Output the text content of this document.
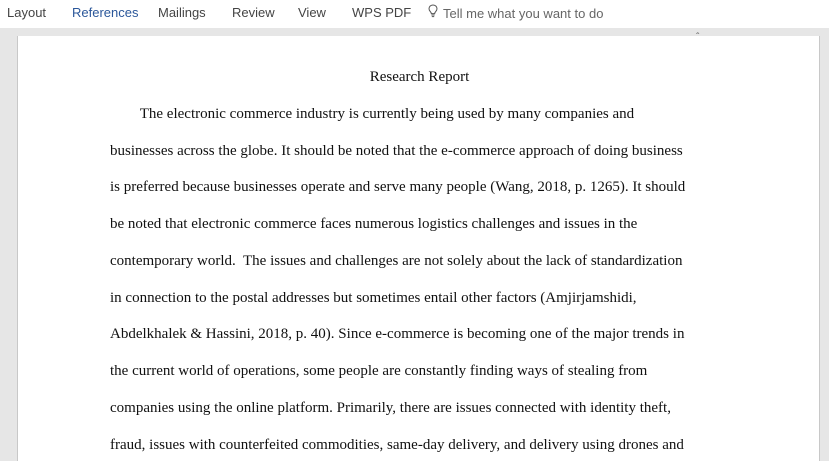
Layout References Mailings Review View WPS PDF Tell me what you want to do
ˆ
Research Report

The electronic commerce industry is currently being used by many companies and

businesses across the globe. It should be noted that the e-commerce approach of doing business

is preferred because businesses operate and serve many people (Wang, 2018, p. 1265). It should

be noted that electronic commerce faces numerous logistics challenges and issues in the

contemporary world.  The issues and challenges are not solely about the lack of standardization

in connection to the postal addresses but sometimes entail other factors (Amjirjamshidi,

Abdelkhalek & Hassini, 2018, p. 40). Since e-commerce is becoming one of the major trends in

the current world of operations, some people are constantly finding ways of stealing from

companies using the online platform. Primarily, there are issues connected with identity theft,

fraud, issues with counterfeited commodities, same-day delivery, and delivery using drones and
